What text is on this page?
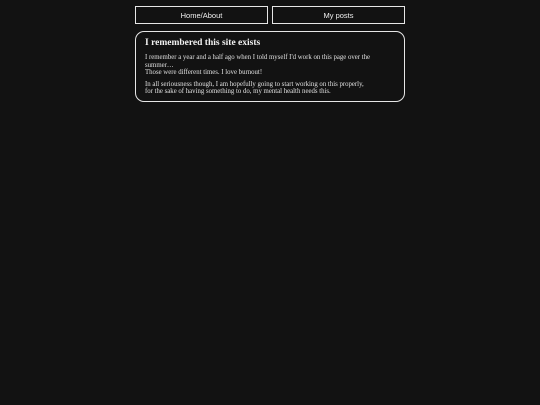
Home/About	My posts
I remembered this site exists

I remember a year and a half ago when I told myself I'd work on this page over the
summer…
Those were different times. I love burnout!

In all seriousness though, I am hopefully going to start working on this properly,
for the sake of having something to do, my mental health needs this.
